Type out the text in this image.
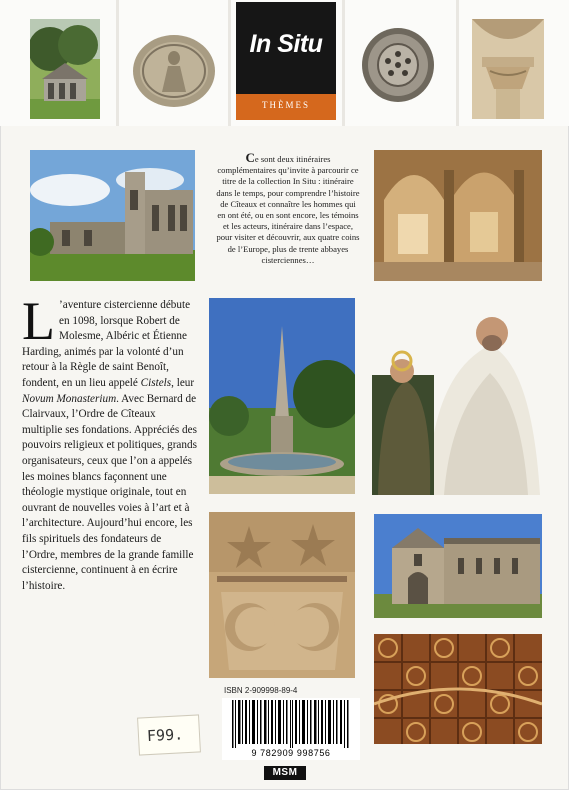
In Situ
THÈMES
Ce sont deux itinéraires complémentaires qu’invite à parcourir ce titre de la collection In Situ : itinéraire dans le temps, pour comprendre l’histoire de Cîteaux et connaître les hommes qui en ont été, ou en sont encore, les témoins et les acteurs, itinéraire dans l’espace, pour visiter et découvrir, aux quatre coins de l’Europe, plus de trente abbayes cisterciennes…
L ’aventure cistercienne débute en 1098, lorsque Robert de Molesme, Albéric et Étienne Harding, animés par la volonté d’un retour à la Règle de saint Benoît, fondent, en un lieu appelé Cistels, leur Novum Monasterium. Avec Bernard de Clairvaux, l’Ordre de Cîteaux multiplie ses fondations. Appréciés des pouvoirs religieux et politiques, grands organisateurs, ceux que l’on a appelés les moines blancs façonnent une théologie mystique originale, tout en ouvrant de nouvelles voies à l’art et à l’architecture. Aujourd’hui encore, les fils spirituels des fondateurs de l’Ordre, membres de la grande famille cistercienne, continuent à en écrire l’histoire.
ISBN 2-909998-89-4
9 782909 998756
F99.
MSM
